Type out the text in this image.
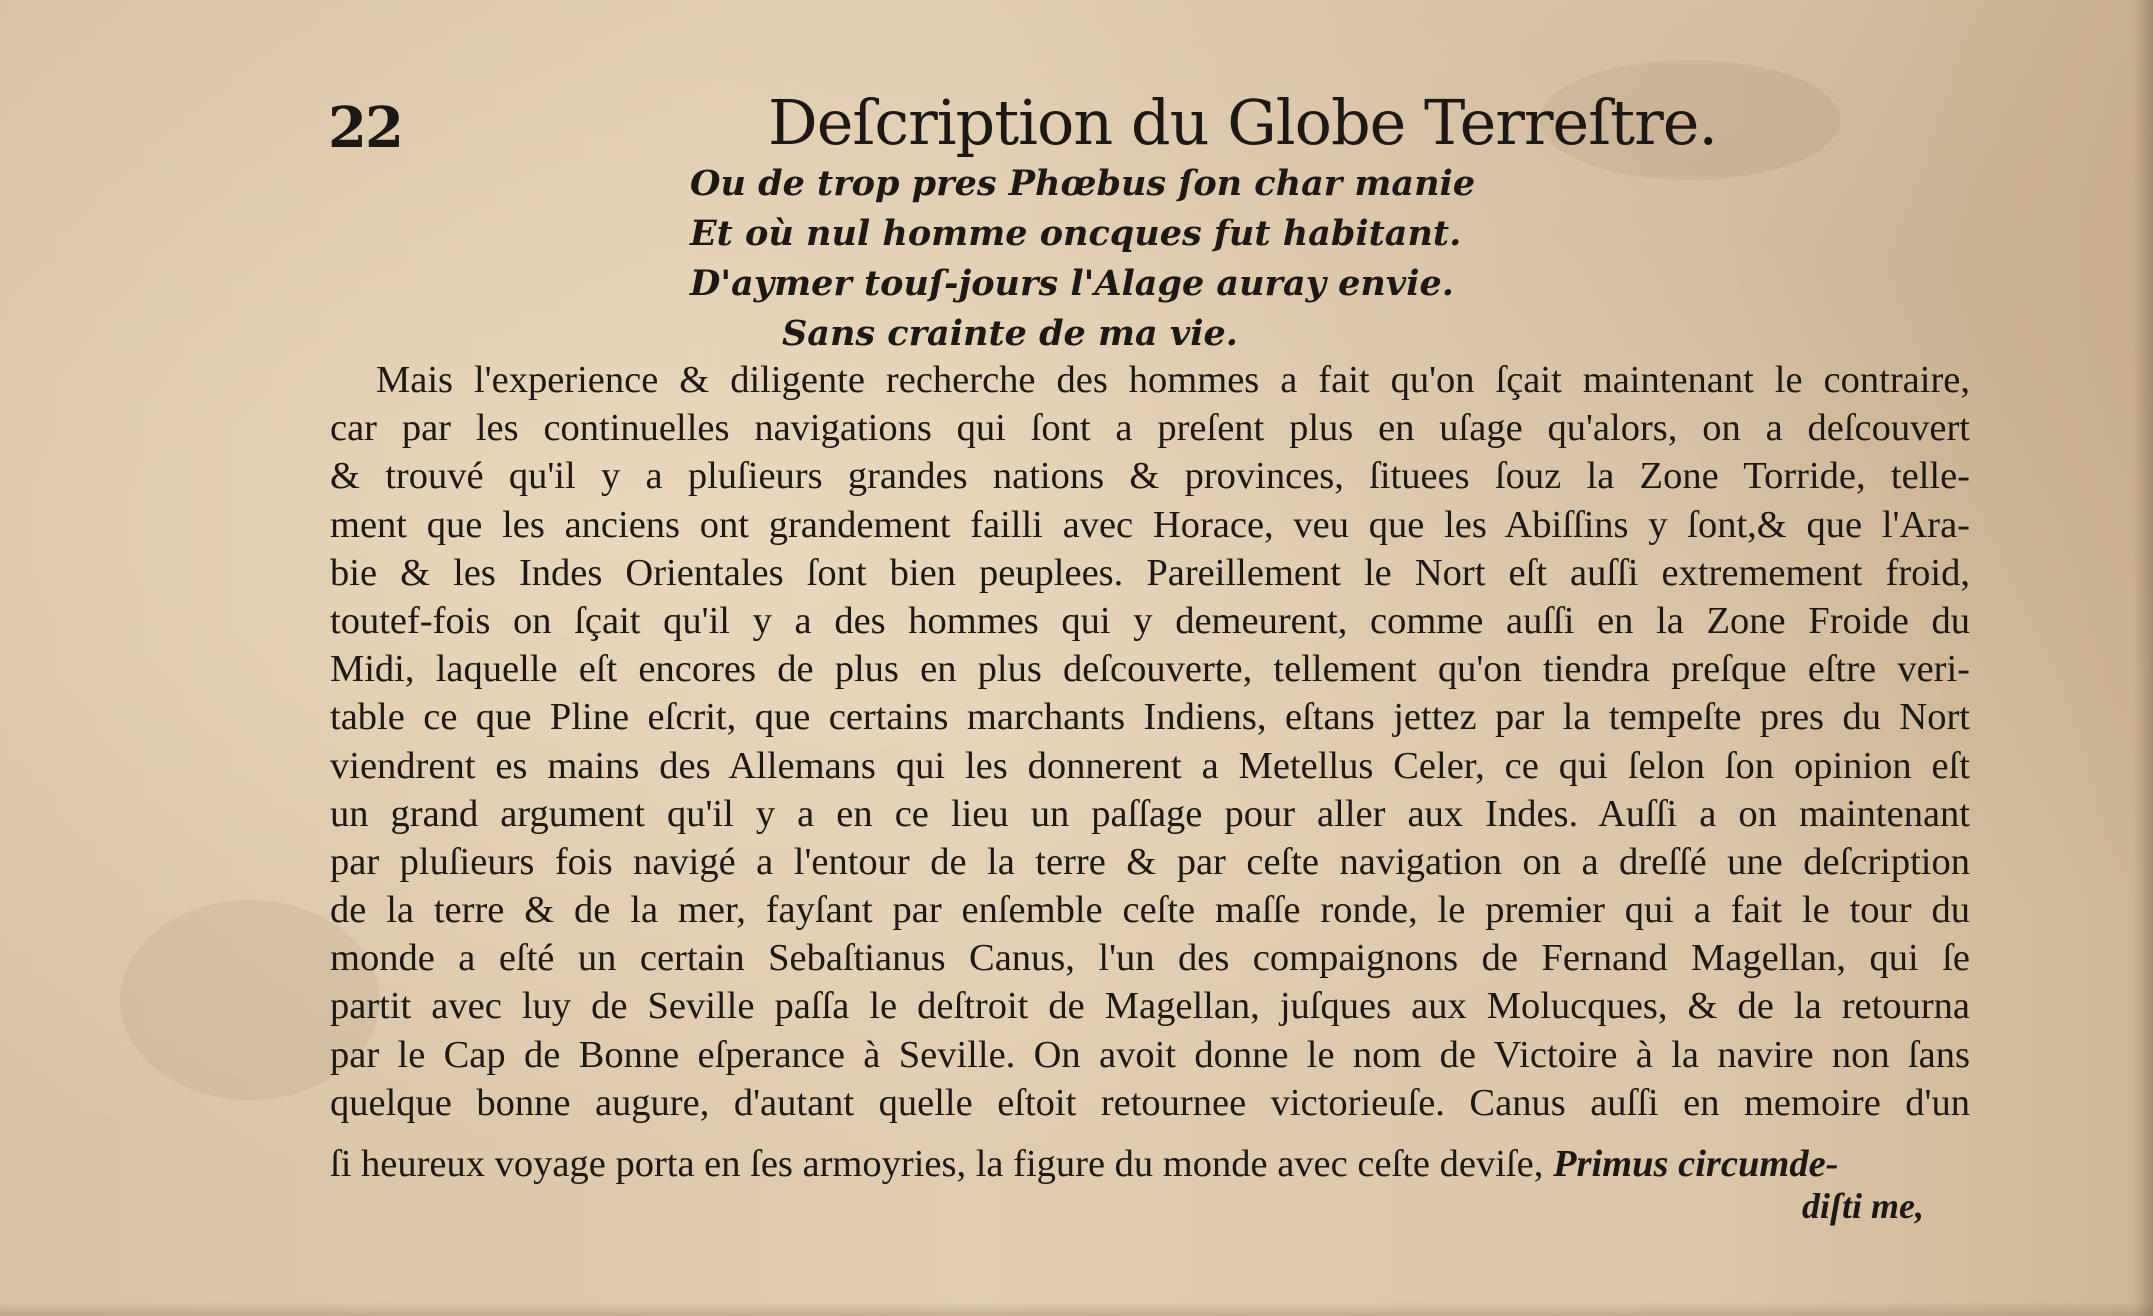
22	Deſcription du Globe Terreſtre.
Ou de trop pres Phœbus ſon char manie
Et où nul homme oncques fut habitant.
D'aymer touſ-jours l'Alage auray envie.
Sans crainte de ma vie.
Mais l'experience & diligente recherche des hommes a fait qu'on ſçait maintenant le contraire,
car par les continuelles navigations qui ſont a preſent plus en uſage qu'alors, on a deſcouvert
& trouvé qu'il y a pluſieurs grandes nations & provinces, ſituees ſouz la Zone Torride, telle-
ment que les anciens ont grandement failli avec Horace, veu que les Abiſſins y ſont,& que l'Ara-
bie & les Indes Orientales ſont bien peuplees. Pareillement le Nort eſt auſſi extremement froid,
toutef-fois on ſçait qu'il y a des hommes qui y demeurent, comme auſſi en la Zone Froide du
Midi, laquelle eſt encores de plus en plus deſcouverte, tellement qu'on tiendra preſque eſtre veri-
table ce que Pline eſcrit, que certains marchants Indiens, eſtans jettez par la tempeſte pres du Nort
viendrent es mains des Allemans qui les donnerent a Metellus Celer, ce qui ſelon ſon opinion eſt
un grand argument qu'il y a en ce lieu un paſſage pour aller aux Indes. Auſſi a on maintenant
par pluſieurs fois navigé a l'entour de la terre & par ceſte navigation on a dreſſé une deſcription
de la terre & de la mer, fayſant par enſemble ceſte maſſe ronde, le premier qui a fait le tour du
monde a eſté un certain Sebaſtianus Canus, l'un des compaignons de Fernand Magellan, qui ſe
partit avec luy de Seville paſſa le deſtroit de Magellan, juſques aux Molucques, & de la retourna
par le Cap de Bonne eſperance à Seville. On avoit donne le nom de Victoire à la navire non ſans
quelque bonne augure, d'autant quelle eſtoit retournee victorieuſe. Canus auſſi en memoire d'un
ſi heureux voyage porta en ſes armoyries, la figure du monde avec ceſte deviſe, Primus circumde-
diſti me,
